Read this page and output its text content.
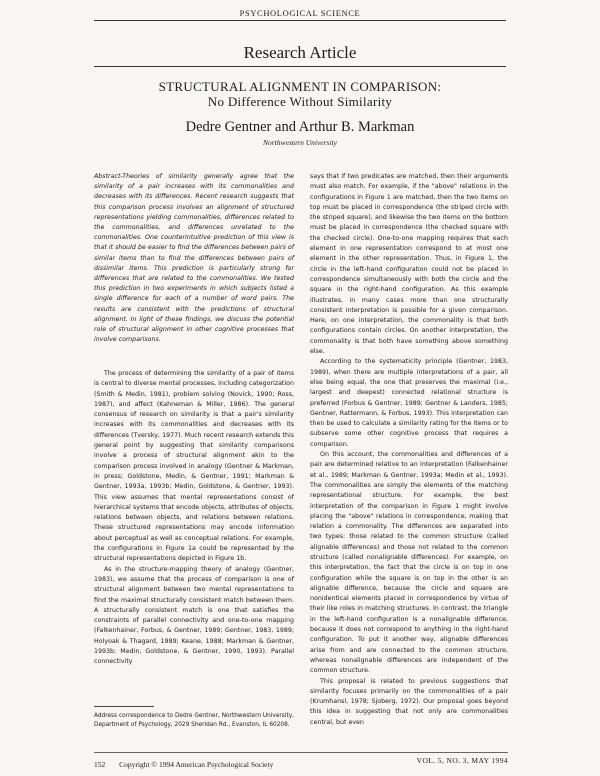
PSYCHOLOGICAL SCIENCE
Research Article
STRUCTURAL ALIGNMENT IN COMPARISON:
No Difference Without Similarity
Dedre Gentner and Arthur B. Markman
Northwestern University
Abstract-Theories of similarity generally agree that the similarity of a pair increases with its commonalities and decreases with its differences. Recent research suggests that this comparison process involves an alignment of structured representations yielding commonalities, differences related to the commonalities, and differences unrelated to the commonalities. One counterintuitive prediction of this view is that it should be easier to find the differences between pairs of similar items than to find the differences between pairs of dissimilar items. This prediction is particularly strong for differences that are related to the commonalities. We tested this prediction in two experiments in which subjects listed a single difference for each of a number of word pairs. The results are consistent with the predictions of structural alignment. In light of these findings, we discuss the potential role of structural alignment in other cognitive processes that involve comparisons.

The process of determining the similarity of a pair of items is central to diverse mental processes, including categorization (Smith & Medin, 1981), problem solving (Novick, 1990; Ross, 1987), and affect (Kahneman & Miller, 1986). The general consensus of research on similarity is that a pair's similarity increases with its commonalities and decreases with its differences (Tversky, 1977). Much recent research extends this general point by suggesting that similarity comparisons involve a process of structural alignment akin to the comparison process involved in analogy (Gentner & Markman, in press; Goldstone, Medin, & Gentner, 1991; Markman & Gentner, 1993a, 1993b; Medin, Goldstone, & Gentner, 1993). This view assumes that mental representations consist of hierarchical systems that encode objects, attributes of objects, relations between objects, and relations between relations. These structured representations may encode information about perceptual as well as conceptual relations. For example, the configurations in Figure 1a could be represented by the structural representations depicted in Figure 1b.

As in the structure-mapping theory of analogy (Gentner, 1983), we assume that the process of comparison is one of structural alignment between two mental representations to find the maximal structurally consistent match between them. A structurally consistent match is one that satisfies the constraints of parallel connectivity and one-to-one mapping (Falkenhainer, Forbus, & Gentner, 1989; Gentner, 1983, 1989; Holyoak & Thagard, 1989; Keane, 1988; Markman & Gentner, 1993b; Medin, Goldstone, & Gentner, 1990, 1993). Parallel connectivity

says that if two predicates are matched, then their arguments must also match. For example, if the "above" relations in the configurations in Figure 1 are matched, then the two items on top must be placed in correspondence (the striped circle with the striped square), and likewise the two items on the bottom must be placed in correspondence (the checked square with the checked circle). One-to-one mapping requires that each element in one representation correspond to at most one element in the other representation. Thus, in Figure 1, the circle in the left-hand configuration could not be placed in correspondence simultaneously with both the circle and the square in the right-hand configuration. As this example illustrates, in many cases more than one structurally consistent interpretation is possible for a given comparison. Here, on one interpretation, the commonality is that both configurations contain circles. On another interpretation, the commonality is that both have something above something else.

According to the systematicity principle (Gentner, 1983, 1989), when there are multiple interpretations of a pair, all else being equal, the one that preserves the maximal (i.e., largest and deepest) connected relational structure is preferred (Forbus & Gentner, 1989; Gentner & Landers, 1985; Gentner, Rattermann, & Forbus, 1993). This interpretation can then be used to calculate a similarity rating for the items or to subserve some other cognitive process that requires a comparison.

On this account, the commonalities and differences of a pair are determined relative to an interpretation (Falkenhainer et al., 1989; Markman & Gentner, 1993a; Medin et al., 1993). The commonalities are simply the elements of the matching representational structure. For example, the best interpretation of the comparison in Figure 1 might involve placing the "above" relations in correspondence, making that relation a commonality. The differences are separated into two types: those related to the common structure (called alignable differences) and those not related to the common structure (called nonalignable differences). For example, on this interpretation, the fact that the circle is on top in one configuration while the square is on top in the other is an alignable difference, because the circle and square are nonidentical elements placed in correspondence by virtue of their like roles in matching structures. In contrast, the triangle in the left-hand configuration is a nonalignable difference, because it does not correspond to anything in the right-hand configuration. To put it another way, alignable differences arise from and are connected to the common structure, whereas nonalignable differences are independent of the common structure.

This proposal is related to previous suggestions that similarity focuses primarily on the commonalities of a pair (Krumhansl, 1978; Sjoberg, 1972). Our proposal goes beyond this idea in suggesting that not only are commonalities central, but even

Address correspondence to Dedre Gentner, Northwestern University, Department of Psychology, 2029 Sheridan Rd., Evanston, IL 60208.
152 Copyright © 1994 American Psychological Society	VOL. 5, NO. 3, MAY 1994
